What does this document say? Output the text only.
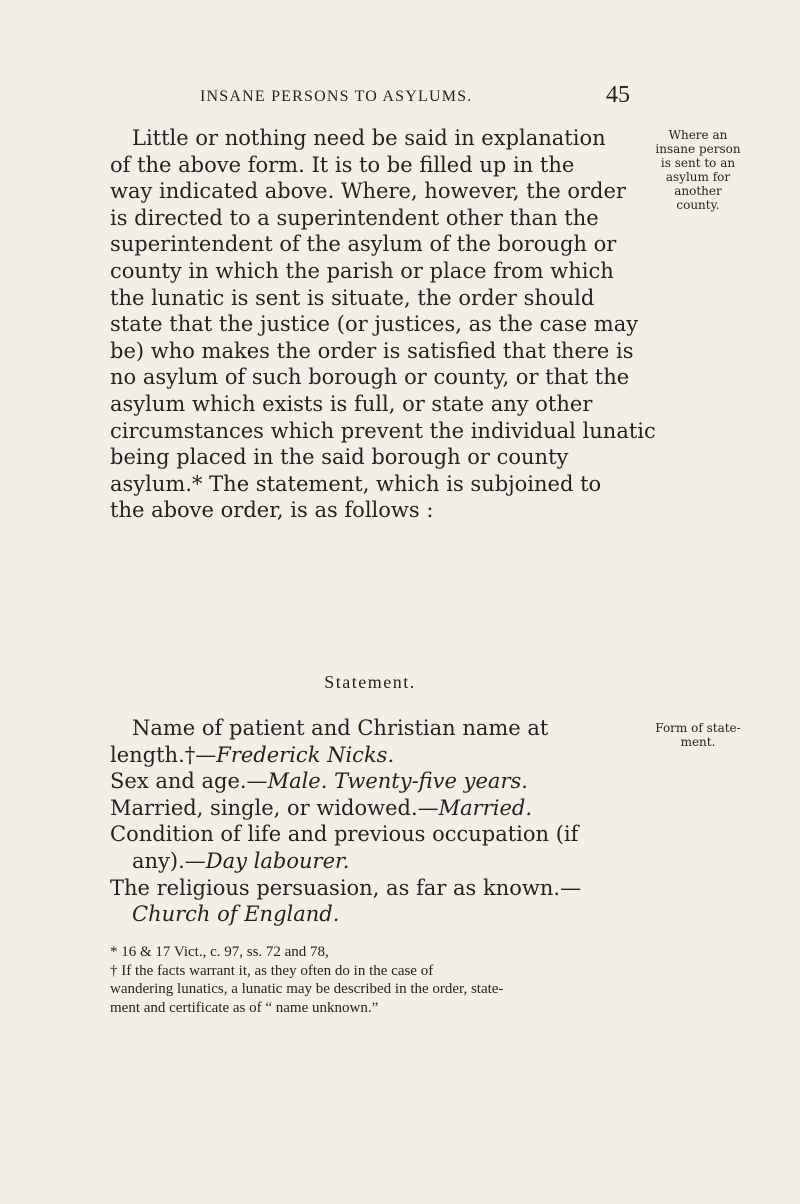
INSANE PERSONS TO ASYLUMS.	45
Little or nothing need be said in explanation
of the above form. It is to be filled up in the
way indicated above. Where, however, the order
is directed to a superintendent other than the
superintendent of the asylum of the borough or
county in which the parish or place from which
the lunatic is sent is situate, the order should
state that the justice (or justices, as the case may
be) who makes the order is satisfied that there is
no asylum of such borough or county, or that the
asylum which exists is full, or state any other
circumstances which prevent the individual lunatic
being placed in the said borough or county
asylum.* The statement, which is subjoined to
the above order, is as follows :
Where an
insane person
is sent to an
asylum for
another
county.
Statement.
Form of state-
ment.
Name of patient and Christian name at
length.†—Frederick Nicks.
Sex and age.—Male. Twenty-five years.
Married, single, or widowed.—Married.
Condition of life and previous occupation (if
any).—Day labourer.
The religious persuasion, as far as known.—
Church of England.
* 16 & 17 Vict., c. 97, ss. 72 and 78,
† If the facts warrant it, as they often do in the case of
wandering lunatics, a lunatic may be described in the order, state-
ment and certificate as of “ name unknown.”
